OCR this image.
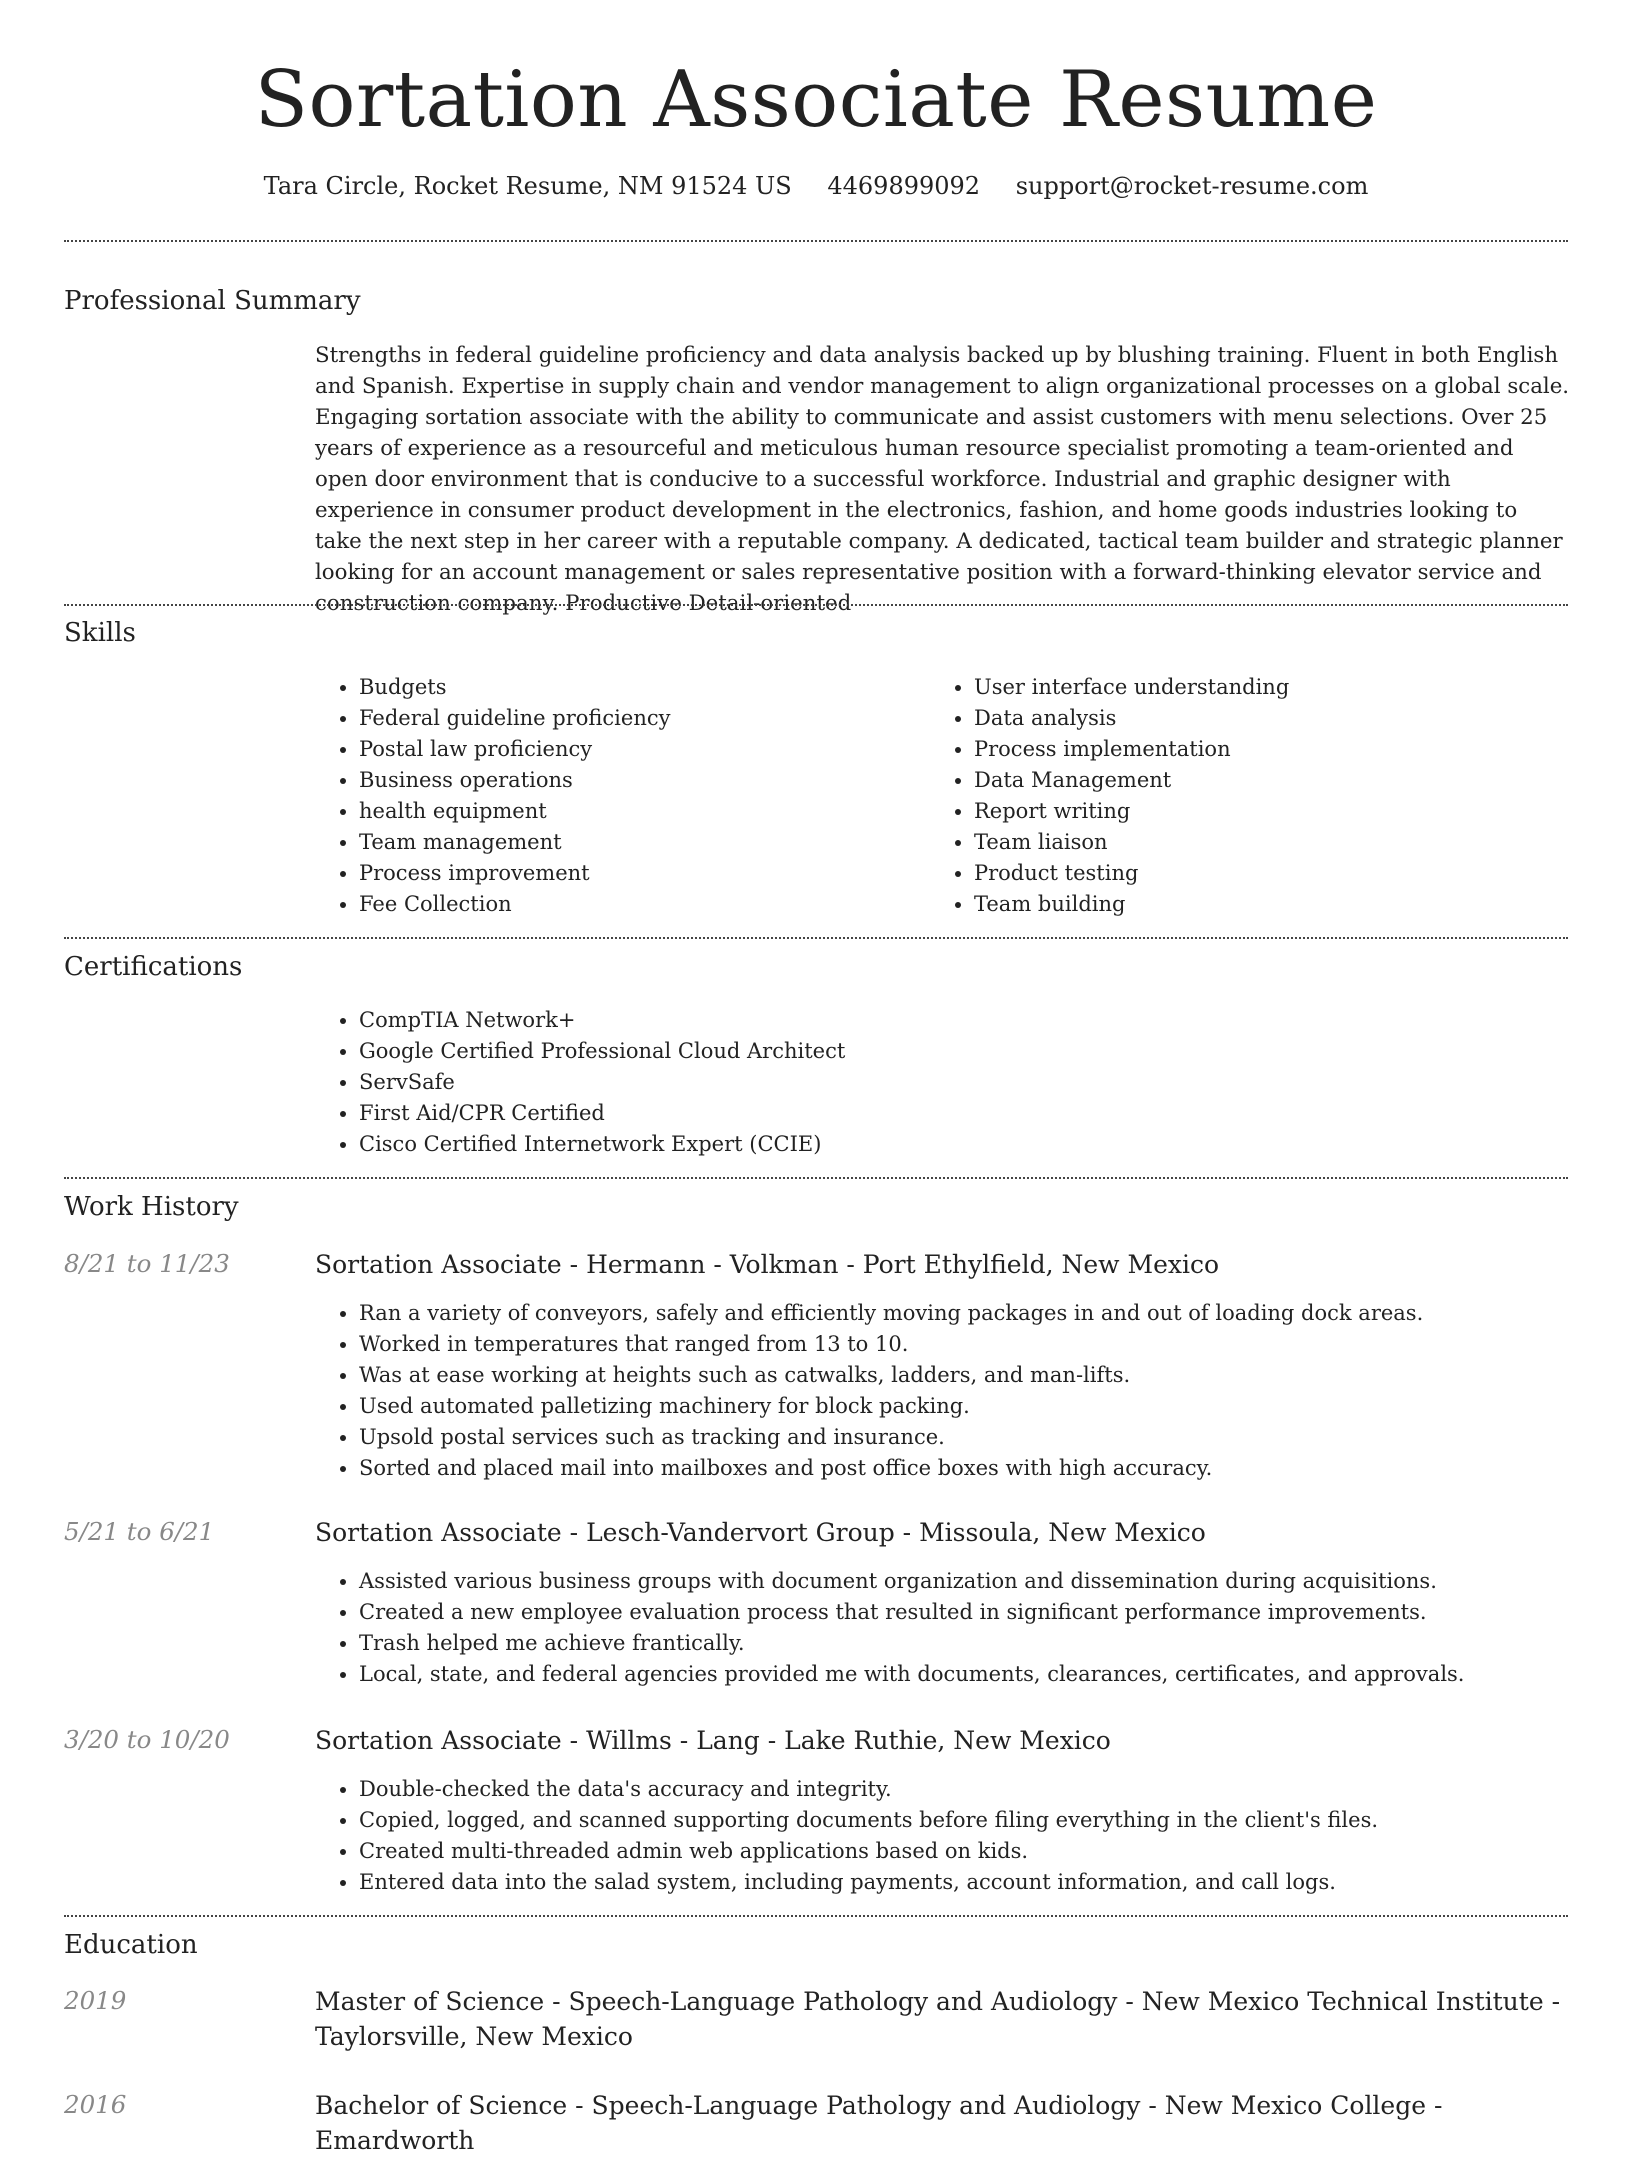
Sortation Associate Resume
Tara Circle, Rocket Resume, NM 91524 US 4469899092 support@rocket-resume.com
Professional Summary

Strengths in federal guideline proficiency and data analysis backed up by blushing training. Fluent in both English and Spanish. Expertise in supply chain and vendor management to align organizational processes on a global scale. Engaging sortation associate with the ability to communicate and assist customers with menu selections. Over 25 years of experience as a resourceful and meticulous human resource specialist promoting a team-oriented and open door environment that is conducive to a successful workforce. Industrial and graphic designer with experience in consumer product development in the electronics, fashion, and home goods industries looking to take the next step in her career with a reputable company. A dedicated, tactical team builder and strategic planner looking for an account management or sales representative position with a forward-thinking elevator service and construction company. Productive Detail-oriented

Skills
• Budgets
• Federal guideline proficiency
• Postal law proficiency
• Business operations
• health equipment
• Team management
• Process improvement
• Fee Collection
• User interface understanding
• Data analysis
• Process implementation
• Data Management
• Report writing
• Team liaison
• Product testing
• Team building
Certifications
• CompTIA Network+
• Google Certified Professional Cloud Architect
• ServSafe
• First Aid/CPR Certified
• Cisco Certified Internetwork Expert (CCIE)
Work History
8/21 to 11/23	Sortation Associate - Hermann - Volkman - Port Ethylfield, New Mexico
• Ran a variety of conveyors, safely and efficiently moving packages in and out of loading dock areas.
• Worked in temperatures that ranged from 13 to 10.
• Was at ease working at heights such as catwalks, ladders, and man-lifts.
• Used automated palletizing machinery for block packing.
• Upsold postal services such as tracking and insurance.
• Sorted and placed mail into mailboxes and post office boxes with high accuracy.
5/21 to 6/21	Sortation Associate - Lesch-Vandervort Group - Missoula, New Mexico
• Assisted various business groups with document organization and dissemination during acquisitions.
• Created a new employee evaluation process that resulted in significant performance improvements.
• Trash helped me achieve frantically.
• Local, state, and federal agencies provided me with documents, clearances, certificates, and approvals.
3/20 to 10/20	Sortation Associate - Willms - Lang - Lake Ruthie, New Mexico
• Double-checked the data's accuracy and integrity.
• Copied, logged, and scanned supporting documents before filing everything in the client's files.
• Created multi-threaded admin web applications based on kids.
• Entered data into the salad system, including payments, account information, and call logs.
Education
2019	Master of Science - Speech-Language Pathology and Audiology - New Mexico Technical Institute -
Taylorsville, New Mexico
2016	Bachelor of Science - Speech-Language Pathology and Audiology - New Mexico College - Emardworth
